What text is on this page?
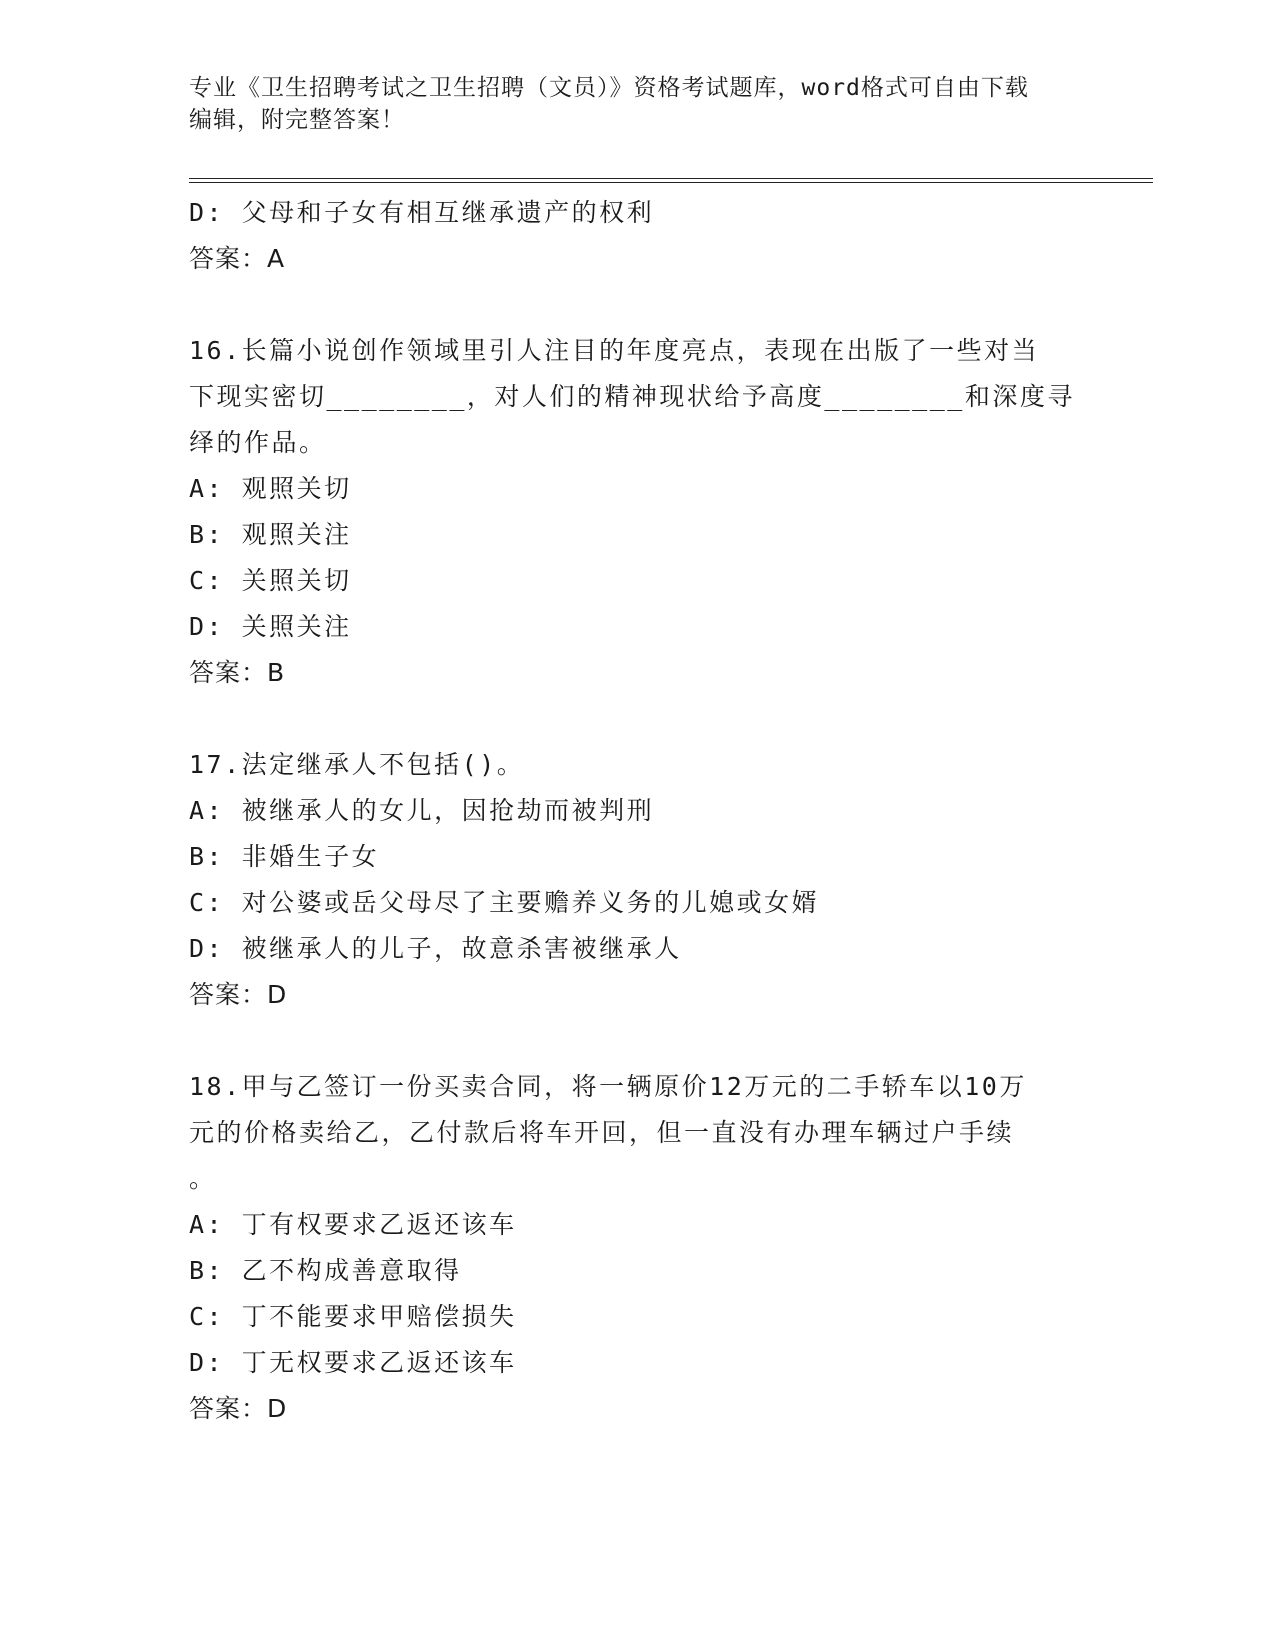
专业《卫生招聘考试之卫生招聘（文员）》资格考试题库，word格式可自由下载
编辑，附完整答案！
D: 父母和子女有相互继承遗产的权利
答案：A
16.长篇小说创作领域里引人注目的年度亮点，表现在出版了一些对当
下现实密切________，对人们的精神现状给予高度________和深度寻
绎的作品。
A: 观照关切
B: 观照关注
C: 关照关切
D: 关照关注
答案：B
17.法定继承人不包括()。
A: 被继承人的女儿，因抢劫而被判刑
B: 非婚生子女
C: 对公婆或岳父母尽了主要赡养义务的儿媳或女婿
D: 被继承人的儿子，故意杀害被继承人
答案：D
18.甲与乙签订一份买卖合同，将一辆原价12万元的二手轿车以10万
元的价格卖给乙，乙付款后将车开回，但一直没有办理车辆过户手续
。
A: 丁有权要求乙返还该车
B: 乙不构成善意取得
C: 丁不能要求甲赔偿损失
D: 丁无权要求乙返还该车
答案：D
